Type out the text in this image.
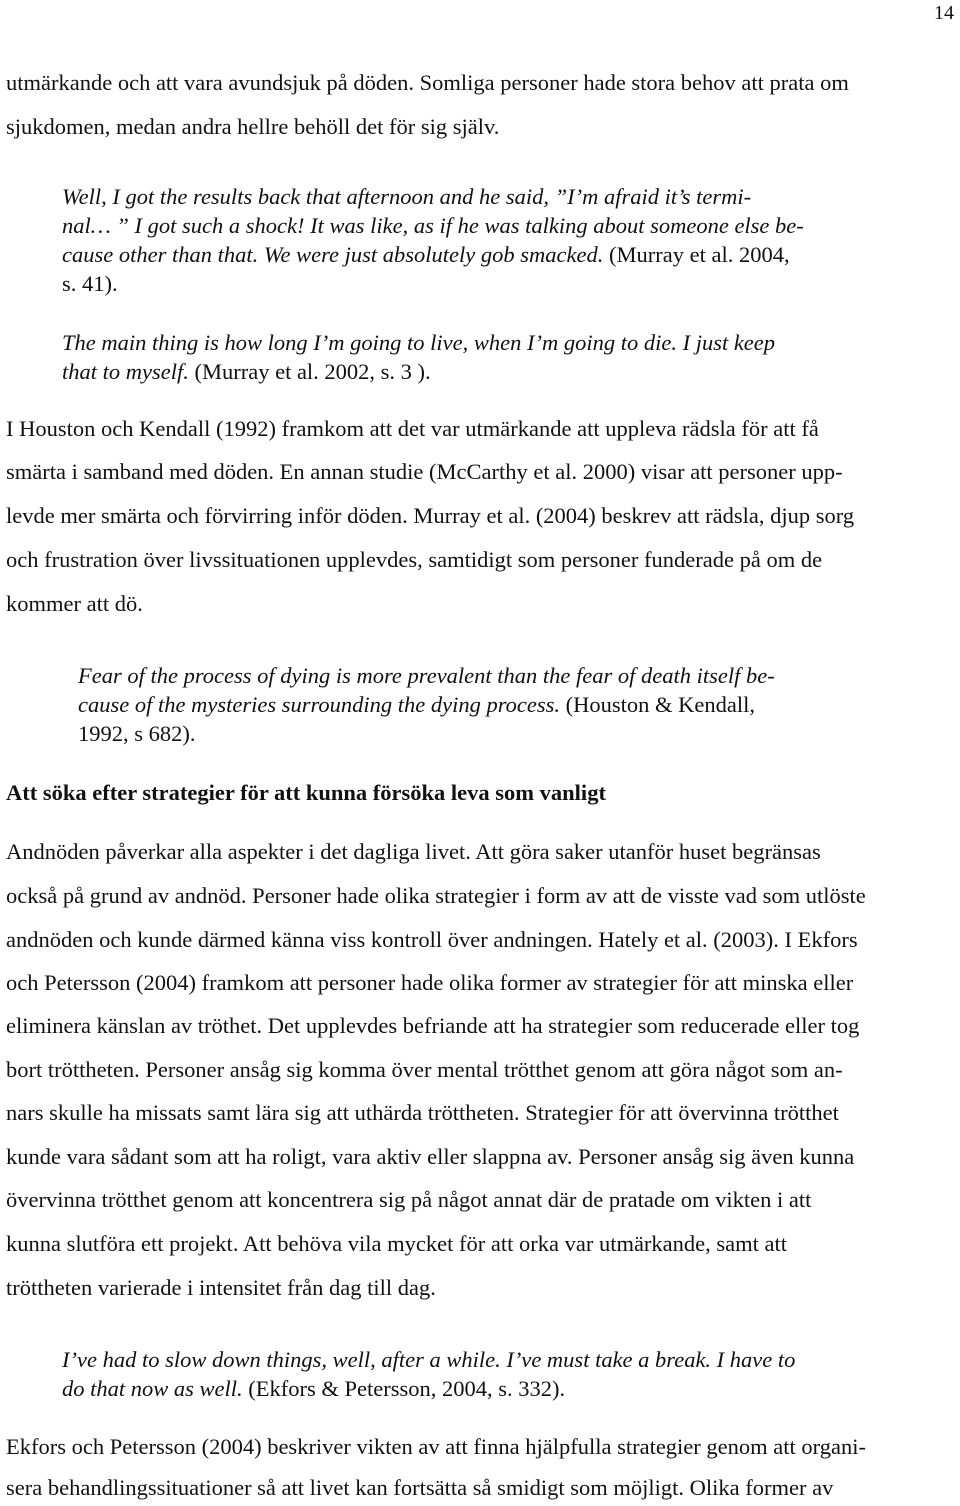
14
utmärkande och att vara avundsjuk på döden. Somliga personer hade stora behov att prata om
sjukdomen, medan andra hellre behöll det för sig själv.
Well, I got the results back that afternoon and he said, ”I’m afraid it’s termi-
nal… ” I got such a shock! It was like, as if he was talking about someone else be-
cause other than that. We were just absolutely gob smacked. (Murray et al. 2004,
s. 41).
The main thing is how long I’m going to live, when I’m going to die. I just keep
that to myself. (Murray et al. 2002, s. 3 ).
I Houston och Kendall (1992) framkom att det var utmärkande att uppleva rädsla för att få
smärta i samband med döden. En annan studie (McCarthy et al. 2000) visar att personer upp-
levde mer smärta och förvirring inför döden. Murray et al. (2004) beskrev att rädsla, djup sorg
och frustration över livssituationen upplevdes, samtidigt som personer funderade på om de
kommer att dö.
Fear of the process of dying is more prevalent than the fear of death itself be-
cause of the mysteries surrounding the dying process. (Houston & Kendall,
1992, s 682).
Att söka efter strategier för att kunna försöka leva som vanligt
Andnöden påverkar alla aspekter i det dagliga livet. Att göra saker utanför huset begränsas
också på grund av andnöd. Personer hade olika strategier i form av att de visste vad som utlöste
andnöden och kunde därmed känna viss kontroll över andningen. Hately et al. (2003). I Ekfors
och Petersson (2004) framkom att personer hade olika former av strategier för att minska eller
eliminera känslan av tröthet. Det upplevdes befriande att ha strategier som reducerade eller tog
bort tröttheten. Personer ansåg sig komma över mental trötthet genom att göra något som an-
nars skulle ha missats samt lära sig att uthärda tröttheten. Strategier för att övervinna trötthet
kunde vara sådant som att ha roligt, vara aktiv eller slappna av. Personer ansåg sig även kunna
övervinna trötthet genom att koncentrera sig på något annat där de pratade om vikten i att
kunna slutföra ett projekt. Att behöva vila mycket för att orka var utmärkande, samt att
tröttheten varierade i intensitet från dag till dag.
I’ve had to slow down things, well, after a while. I’ve must take a break. I have to
do that now as well. (Ekfors & Petersson, 2004, s. 332).
Ekfors och Petersson (2004) beskriver vikten av att finna hjälpfulla strategier genom att organi-
sera behandlingssituationer så att livet kan fortsätta så smidigt som möjligt. Olika former av
